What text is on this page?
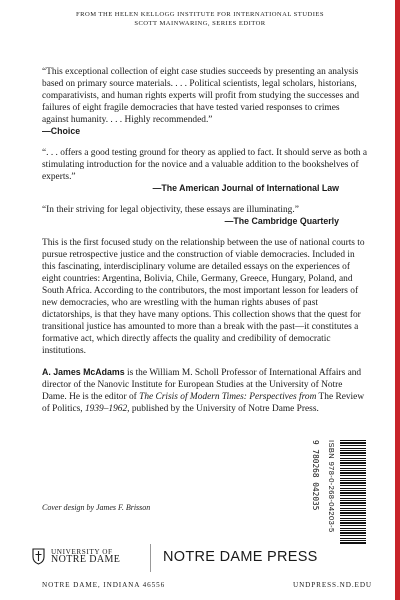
FROM THE HELEN KELLOGG INSTITUTE FOR INTERNATIONAL STUDIES
SCOTT MAINWARING, SERIES EDITOR
“This exceptional collection of eight case studies succeeds by presenting an analysis based on primary source materials. . . . Political scientists, legal scholars, historians, comparativists, and human rights experts will profit from studying the successes and failures of eight fragile democracies that have tested varied responses to crimes against humanity. . . . Highly recommended.”
—Choice
“. . . offers a good testing ground for theory as applied to fact. It should serve as both a stimulating introduction for the novice and a valuable addition to the bookshelves of experts.”
—The American Journal of International Law
“In their striving for legal objectivity, these essays are illuminating.”
—The Cambridge Quarterly

This is the first focused study on the relationship between the use of national courts to pursue retrospective justice and the construction of viable democracies. Included in this fascinating, interdisciplinary volume are detailed essays on the experiences of eight countries: Argentina, Bolivia, Chile, Germany, Greece, Hungary, Poland, and South Africa. According to the contributors, the most important lesson for leaders of new democracies, who are wrestling with the human rights abuses of past dictatorships, is that they have many options. This collection shows that the quest for transitional justice has amounted to more than a break with the past—it constitutes a formative act, which directly affects the quality and credibility of democratic institutions.

A. James McAdams is the William M. Scholl Professor of International Affairs and director of the Nanovic Institute for European Studies at the University of Notre Dame. He is the editor of The Crisis of Modern Times: Perspectives from The Review of Politics, 1939–1962, published by the University of Notre Dame Press.

Cover design by James F. Brisson	9 780268 042035 ISBN 978-0-268-04203-5
UNIVERSITY OF
NOTRE DAME	NOTRE DAME PRESS
NOTRE DAME, INDIANA 46556	UNDPRESS.ND.EDU
